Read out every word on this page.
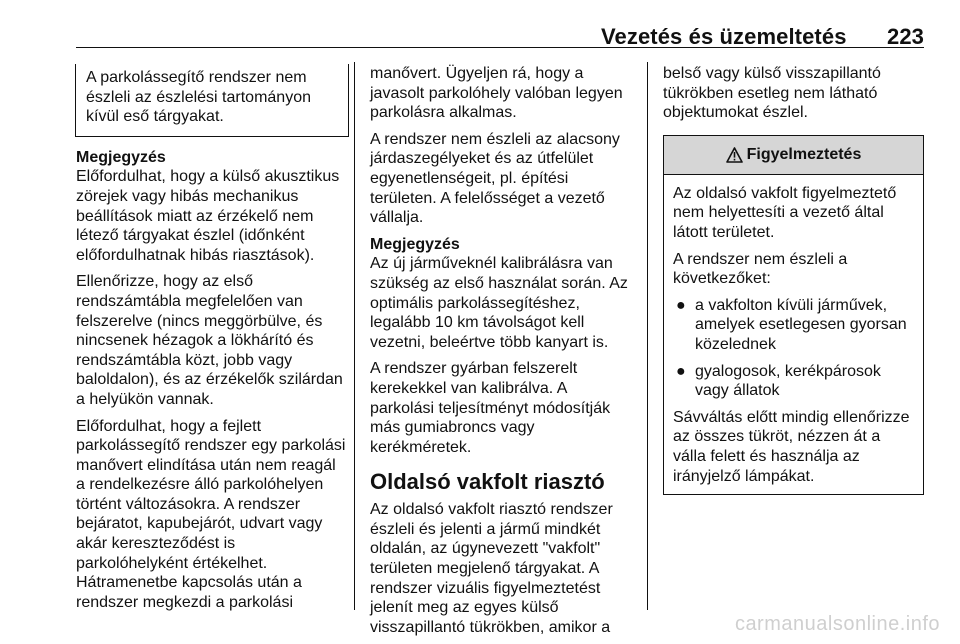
Vezetés és üzemeltetés 223
A parkolássegítő rendszer nem észleli az észlelési tartományon kívül eső tárgyakat.
Megjegyzés

Előfordulhat, hogy a külső akusztikus zörejek vagy hibás mechanikus beállítások miatt az érzékelő nem létező tárgyakat észlel (időnként előfordulhatnak hibás riasztások).

Ellenőrizze, hogy az első rendszámtábla megfelelően van felszerelve (nincs meggörbülve, és nincsenek hézagok a lökhárító és rendszámtábla közt, jobb vagy baloldalon), és az érzékelők szilárdan a helyükön vannak.

Előfordulhat, hogy a fejlett parkolássegítő rendszer egy parkolási manővert elindítása után nem reagál a rendelkezésre álló parkolóhelyen történt változásokra. A rendszer bejáratot, kapubejárót, udvart vagy akár kereszteződést is parkolóhelyként értékelhet. Hátramenetbe kapcsolás után a rendszer megkezdi a parkolási

manővert. Ügyeljen rá, hogy a javasolt parkolóhely valóban legyen parkolásra alkalmas.

A rendszer nem észleli az alacsony járdaszegélyeket és az útfelület egyenetlenségeit, pl. építési területen. A felelősséget a vezető vállalja.

Megjegyzés

Az új járműveknél kalibrálásra van szükség az első használat során. Az optimális parkolássegítéshez, legalább 10 km távolságot kell vezetni, beleértve több kanyart is.

A rendszer gyárban felszerelt kerekekkel van kalibrálva. A parkolási teljesítményt módosítják más gumiabroncs vagy kerékméretek.

Oldalsó vakfolt riasztó

Az oldalsó vakfolt riasztó rendszer észleli és jelenti a jármű mindkét oldalán, az úgynevezett "vakfolt" területen megjelenő tárgyakat. A rendszer vizuális figyelmeztetést jelenít meg az egyes külső visszapillantó tükrökben, amikor a

belső vagy külső visszapillantó tükrökben esetleg nem látható objektumokat észlel.

Figyelmeztetés

Az oldalsó vakfolt figyelmeztető nem helyettesíti a vezető által látott területet.

A rendszer nem észleli a következőket:

● a vakfolton kívüli járművek, amelyek esetlegesen gyorsan közelednek
● gyalogosok, kerékpárosok vagy állatok

Sávváltás előtt mindig ellenőrizze az összes tükröt, nézzen át a vállа felett és használja az irányjelző lámpákat.

carmanualsonline.info
